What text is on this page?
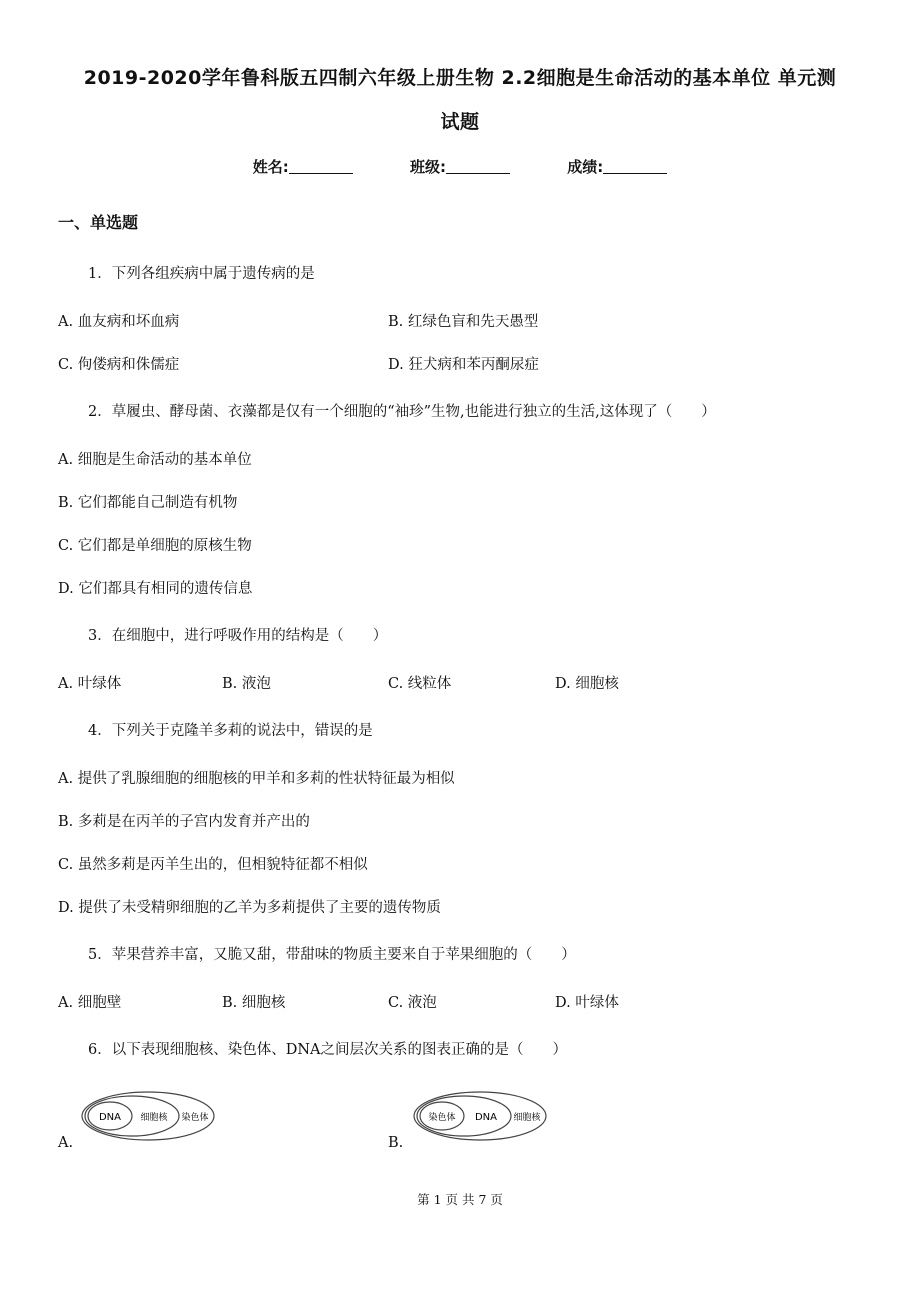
2019-2020学年鲁科版五四制六年级上册生物 2.2细胞是生命活动的基本单位 单元测
试题
姓名:	班级:	成绩:
一、单选题
1．下列各组疾病中属于遗传病的是
A. 血友病和坏血病	B. 红绿色盲和先天愚型
C. 佝偻病和侏儒症	D. 狂犬病和苯丙酮尿症
2．草履虫、酵母菌、衣藻都是仅有一个细胞的“袖珍”生物,也能进行独立的生活,这体现了（　　）
A. 细胞是生命活动的基本单位
B. 它们都能自己制造有机物
C. 它们都是单细胞的原核生物
D. 它们都具有相同的遗传信息
3．在细胞中，进行呼吸作用的结构是（　　）
A. 叶绿体	B. 液泡	C. 线粒体	D. 细胞核
4．下列关于克隆羊多莉的说法中，错误的是
A. 提供了乳腺细胞的细胞核的甲羊和多莉的性状特征最为相似
B. 多莉是在丙羊的子宫内发育并产出的
C. 虽然多莉是丙羊生出的，但相貌特征都不相似
D. 提供了未受精卵细胞的乙羊为多莉提供了主要的遗传物质
5．苹果营养丰富，又脆又甜，带甜味的物质主要来自于苹果细胞的（　　）
A. 细胞壁	B. 细胞核	C. 液泡	D. 叶绿体
6．以下表现细胞核、染色体、DNA之间层次关系的图表正确的是（　　）
A.	B.
DNA 细胞核 染色体	染色体 DNA 细胞核
第 1 页 共 7 页
